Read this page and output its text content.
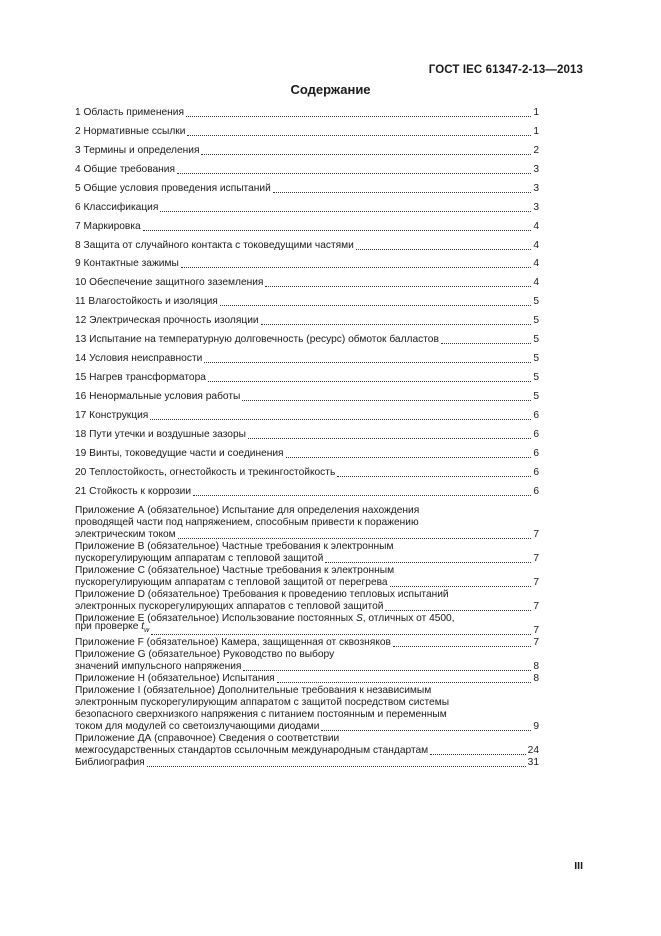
ГОСТ IEC 61347-2-13—2013
Содержание
1 Область применения	1
2 Нормативные ссылки	1
3 Термины и определения	2
4 Общие требования	3
5 Общие условия проведения испытаний	3
6 Классификация	3
7 Маркировка	4
8 Защита от случайного контакта с токоведущими частями	4
9 Контактные зажимы	4
10 Обеспечение защитного заземления	4
11 Влагостойкость и изоляция	5
12 Электрическая прочность изоляции	5
13 Испытание на температурную долговечность (ресурс) обмоток балластов	5
14 Условия неисправности	5
15 Нагрев трансформатора	5
16 Ненормальные условия работы	5
17 Конструкция	6
18 Пути утечки и воздушные зазоры	6
19 Винты, токоведущие части и соединения	6
20 Теплостойкость, огнестойкость и трекингостойкость	6
21 Стойкость к коррозии	6
Приложение А (обязательное) Испытание для определения нахождения
проводящей части под напряжением, способным привести к поражению
электрическим током	7
Приложение В (обязательное) Частные требования к электронным
пускорегулирующим аппаратам с тепловой защитой	7
Приложение С (обязательное) Частные требования к электронным
пускорегулирующим аппаратам с тепловой защитой от перегрева	7
Приложение D (обязательное) Требования к проведению тепловых испытаний
электронных пускорегулирующих аппаратов с тепловой защитой	7
Приложение Е (обязательное) Использование постоянных S, отличных от 4500,
при проверке $t_w$	7
Приложение F (обязательное) Камера, защищенная от сквозняков	7
Приложение G (обязательное) Руководство по выбору
значений импульсного напряжения	8
Приложение Н (обязательное) Испытания	8
Приложение I (обязательное) Дополнительные требования к независимым
электронным пускорегулирующим аппаратом с защитой посредством системы
безопасного сверхнизкого напряжения с питанием постоянным и переменным
током для модулей со светоизлучающими диодами	9
Приложение ДА (справочное) Сведения о соответствии
межгосударственных стандартов ссылочным международным стандартам	24
Библиография	31
III
